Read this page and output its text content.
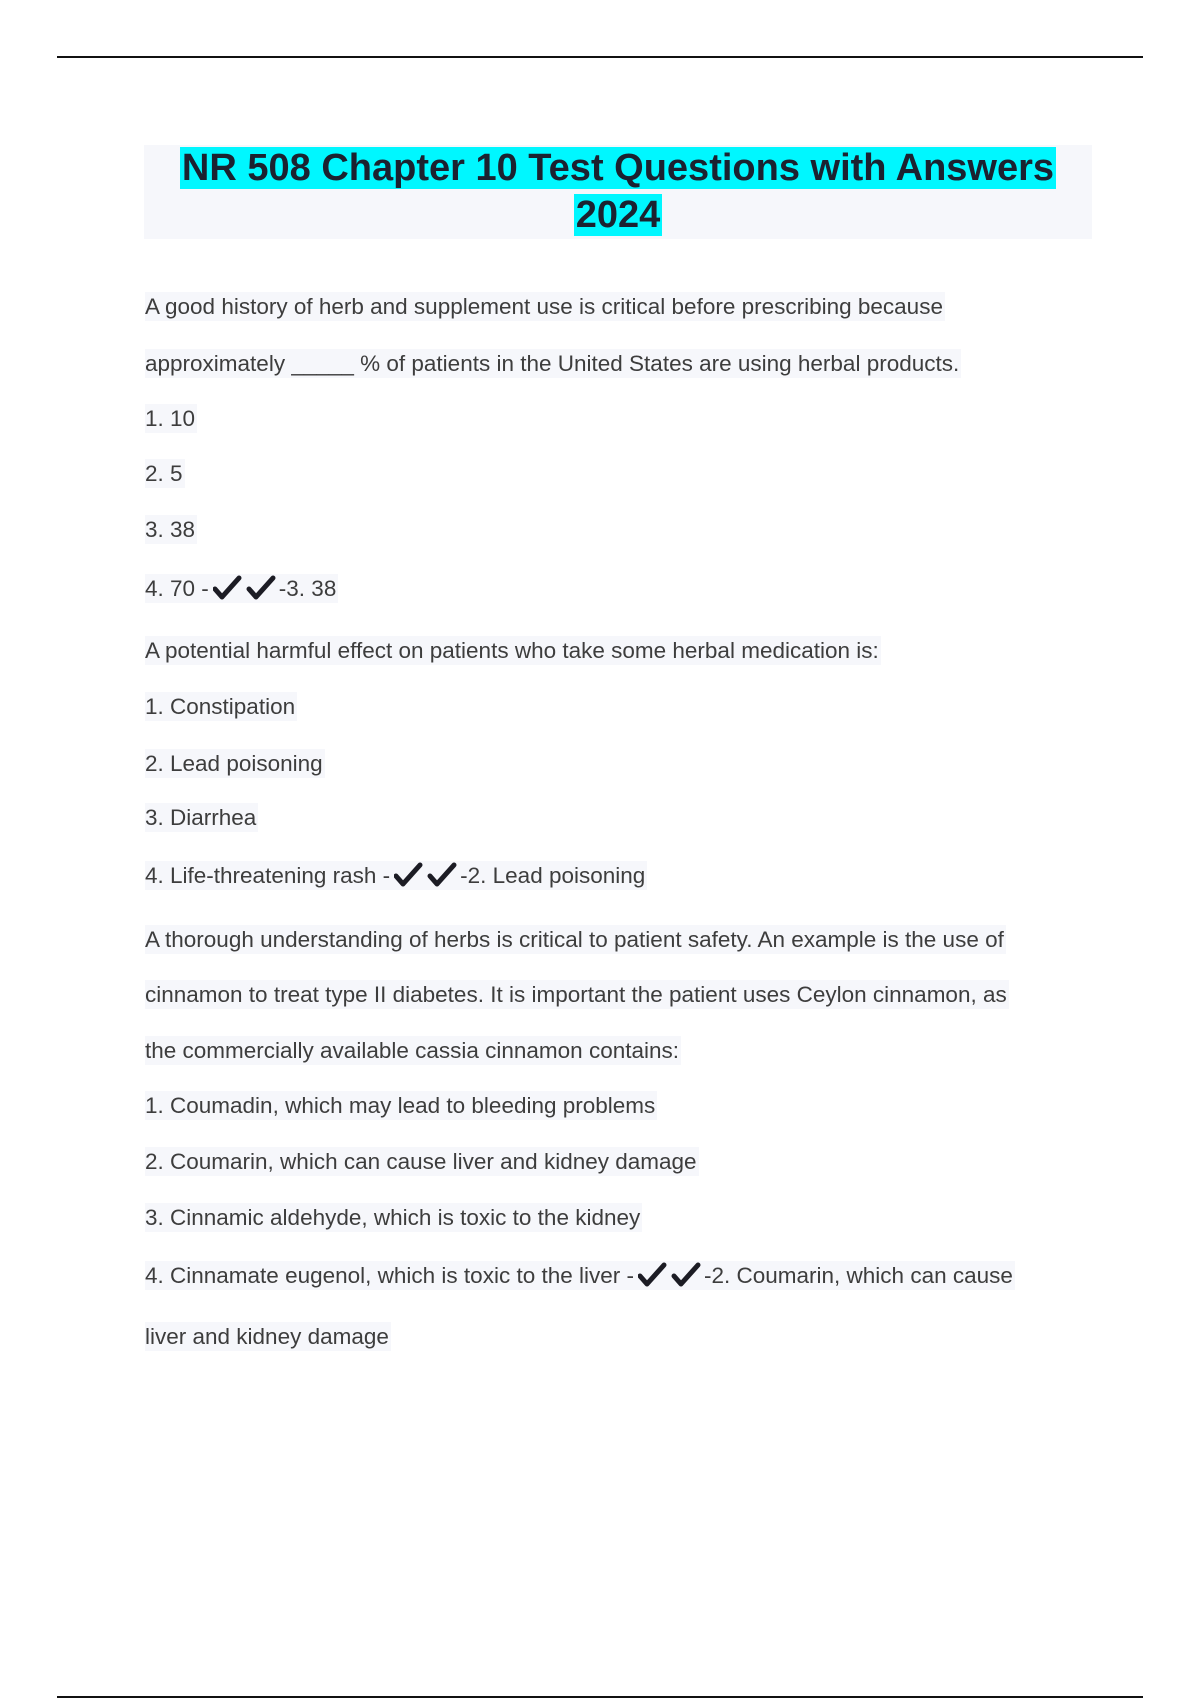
NR 508 Chapter 10 Test Questions with Answers
2024
A good history of herb and supplement use is critical before prescribing because
approximately _____ % of patients in the United States are using herbal products.
1. 10
2. 5
3. 38
4. 70 -	-3. 38
A potential harmful effect on patients who take some herbal medication is:
1. Constipation
2. Lead poisoning
3. Diarrhea
4. Life-threatening rash -	-2. Lead poisoning
A thorough understanding of herbs is critical to patient safety. An example is the use of
cinnamon to treat type II diabetes. It is important the patient uses Ceylon cinnamon, as
the commercially available cassia cinnamon contains:
1. Coumadin, which may lead to bleeding problems
2. Coumarin, which can cause liver and kidney damage
3. Cinnamic aldehyde, which is toxic to the kidney
4. Cinnamate eugenol, which is toxic to the liver -	-2. Coumarin, which can cause
liver and kidney damage
